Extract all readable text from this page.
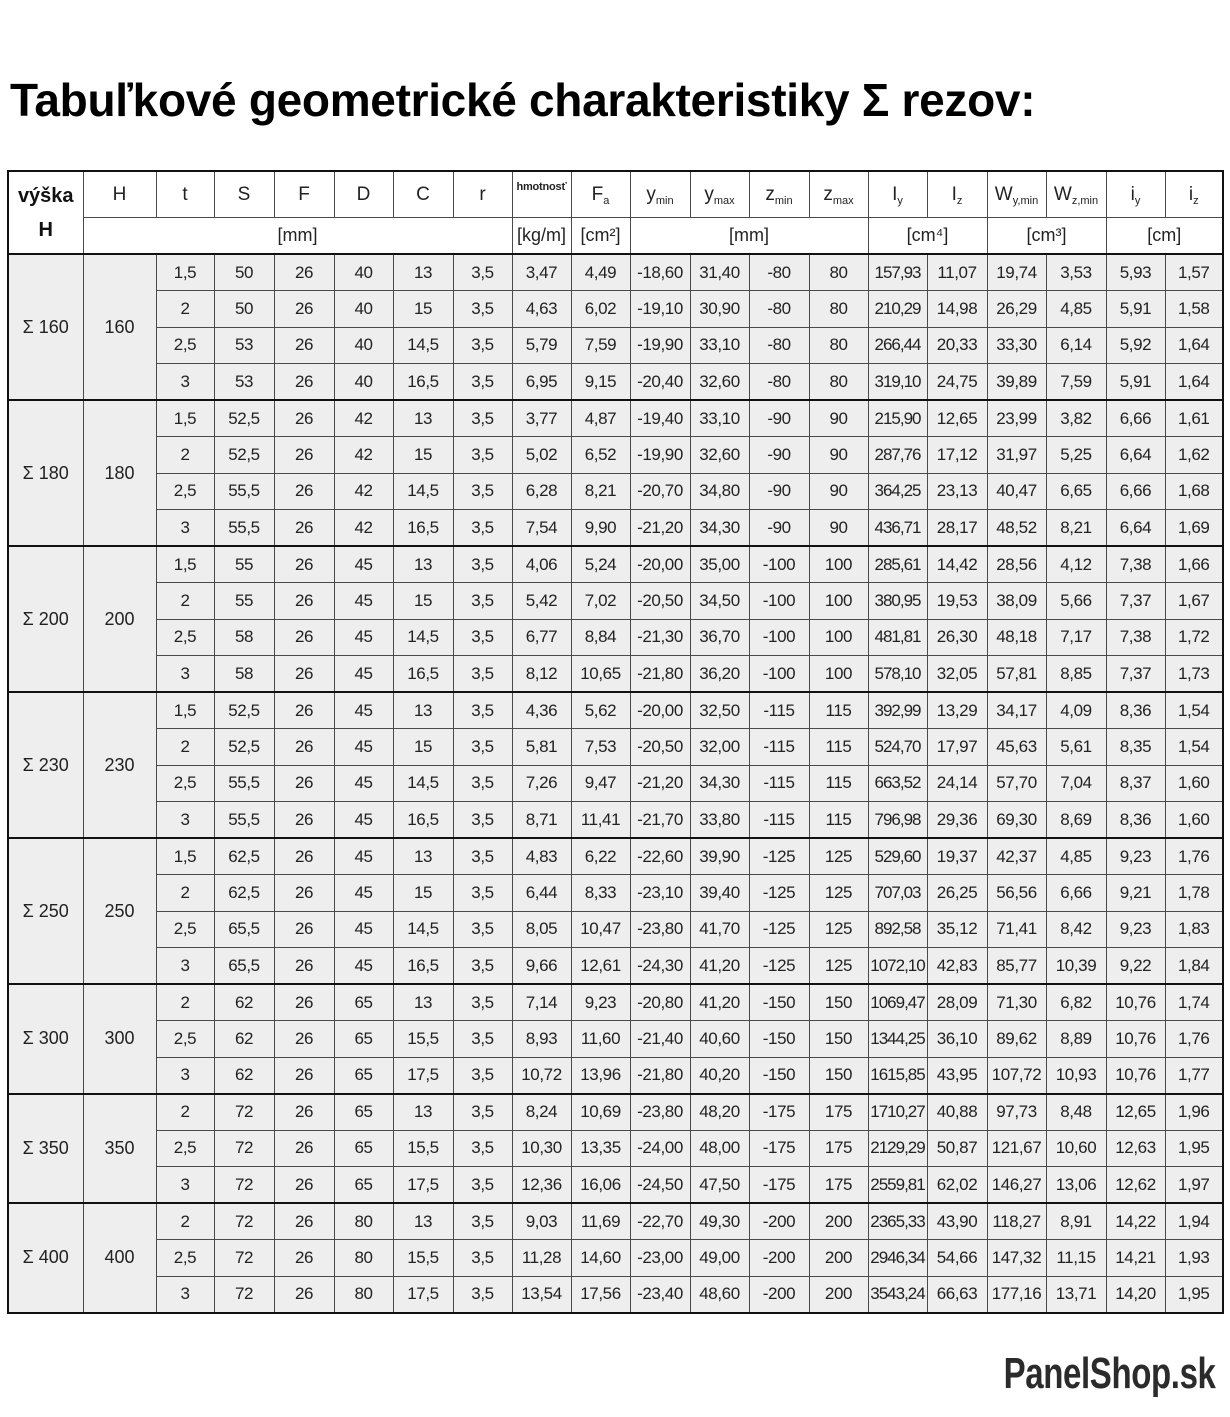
Tabuľkové geometrické charakteristiky Σ rezov:
výška
H	H	t	S	F	D	C	r	hmotnosť	$F_a$	$y_{min}$	$y_{max}$	$z_{min}$	$z_{max}$	$I_y$	$I_z$	$W_{y,min}$	$W_{z,min}$	$i_y$	$i_z$
	[mm]							[kg/m]	[cm²]	[mm]				[cm⁴]		[cm³]		[cm]	
Σ 160	160	1,5	50	26	40	13	3,5	3,47	4,49	-18,60	31,40	-80	80	157,93	11,07	19,74	3,53	5,93	1,57
		2	50	26	40	15	3,5	4,63	6,02	-19,10	30,90	-80	80	210,29	14,98	26,29	4,85	5,91	1,58
		2,5	53	26	40	14,5	3,5	5,79	7,59	-19,90	33,10	-80	80	266,44	20,33	33,30	6,14	5,92	1,64
		3	53	26	40	16,5	3,5	6,95	9,15	-20,40	32,60	-80	80	319,10	24,75	39,89	7,59	5,91	1,64
Σ 180	180	1,5	52,5	26	42	13	3,5	3,77	4,87	-19,40	33,10	-90	90	215,90	12,65	23,99	3,82	6,66	1,61
		2	52,5	26	42	15	3,5	5,02	6,52	-19,90	32,60	-90	90	287,76	17,12	31,97	5,25	6,64	1,62
		2,5	55,5	26	42	14,5	3,5	6,28	8,21	-20,70	34,80	-90	90	364,25	23,13	40,47	6,65	6,66	1,68
		3	55,5	26	42	16,5	3,5	7,54	9,90	-21,20	34,30	-90	90	436,71	28,17	48,52	8,21	6,64	1,69
Σ 200	200	1,5	55	26	45	13	3,5	4,06	5,24	-20,00	35,00	-100	100	285,61	14,42	28,56	4,12	7,38	1,66
		2	55	26	45	15	3,5	5,42	7,02	-20,50	34,50	-100	100	380,95	19,53	38,09	5,66	7,37	1,67
		2,5	58	26	45	14,5	3,5	6,77	8,84	-21,30	36,70	-100	100	481,81	26,30	48,18	7,17	7,38	1,72
		3	58	26	45	16,5	3,5	8,12	10,65	-21,80	36,20	-100	100	578,10	32,05	57,81	8,85	7,37	1,73
Σ 230	230	1,5	52,5	26	45	13	3,5	4,36	5,62	-20,00	32,50	-115	115	392,99	13,29	34,17	4,09	8,36	1,54
		2	52,5	26	45	15	3,5	5,81	7,53	-20,50	32,00	-115	115	524,70	17,97	45,63	5,61	8,35	1,54
		2,5	55,5	26	45	14,5	3,5	7,26	9,47	-21,20	34,30	-115	115	663,52	24,14	57,70	7,04	8,37	1,60
		3	55,5	26	45	16,5	3,5	8,71	11,41	-21,70	33,80	-115	115	796,98	29,36	69,30	8,69	8,36	1,60
Σ 250	250	1,5	62,5	26	45	13	3,5	4,83	6,22	-22,60	39,90	-125	125	529,60	19,37	42,37	4,85	9,23	1,76
		2	62,5	26	45	15	3,5	6,44	8,33	-23,10	39,40	-125	125	707,03	26,25	56,56	6,66	9,21	1,78
		2,5	65,5	26	45	14,5	3,5	8,05	10,47	-23,80	41,70	-125	125	892,58	35,12	71,41	8,42	9,23	1,83
		3	65,5	26	45	16,5	3,5	9,66	12,61	-24,30	41,20	-125	125	1072,10	42,83	85,77	10,39	9,22	1,84
Σ 300	300	2	62	26	65	13	3,5	7,14	9,23	-20,80	41,20	-150	150	1069,47	28,09	71,30	6,82	10,76	1,74
		2,5	62	26	65	15,5	3,5	8,93	11,60	-21,40	40,60	-150	150	1344,25	36,10	89,62	8,89	10,76	1,76
		3	62	26	65	17,5	3,5	10,72	13,96	-21,80	40,20	-150	150	1615,85	43,95	107,72	10,93	10,76	1,77
Σ 350	350	2	72	26	65	13	3,5	8,24	10,69	-23,80	48,20	-175	175	1710,27	40,88	97,73	8,48	12,65	1,96
		2,5	72	26	65	15,5	3,5	10,30	13,35	-24,00	48,00	-175	175	2129,29	50,87	121,67	10,60	12,63	1,95
		3	72	26	65	17,5	3,5	12,36	16,06	-24,50	47,50	-175	175	2559,81	62,02	146,27	13,06	12,62	1,97
Σ 400	400	2	72	26	80	13	3,5	9,03	11,69	-22,70	49,30	-200	200	2365,33	43,90	118,27	8,91	14,22	1,94
		2,5	72	26	80	15,5	3,5	11,28	14,60	-23,00	49,00	-200	200	2946,34	54,66	147,32	11,15	14,21	1,93
		3	72	26	80	17,5	3,5	13,54	17,56	-23,40	48,60	-200	200	3543,24	66,63	177,16	13,71	14,20	1,95
PanelShop.sk
